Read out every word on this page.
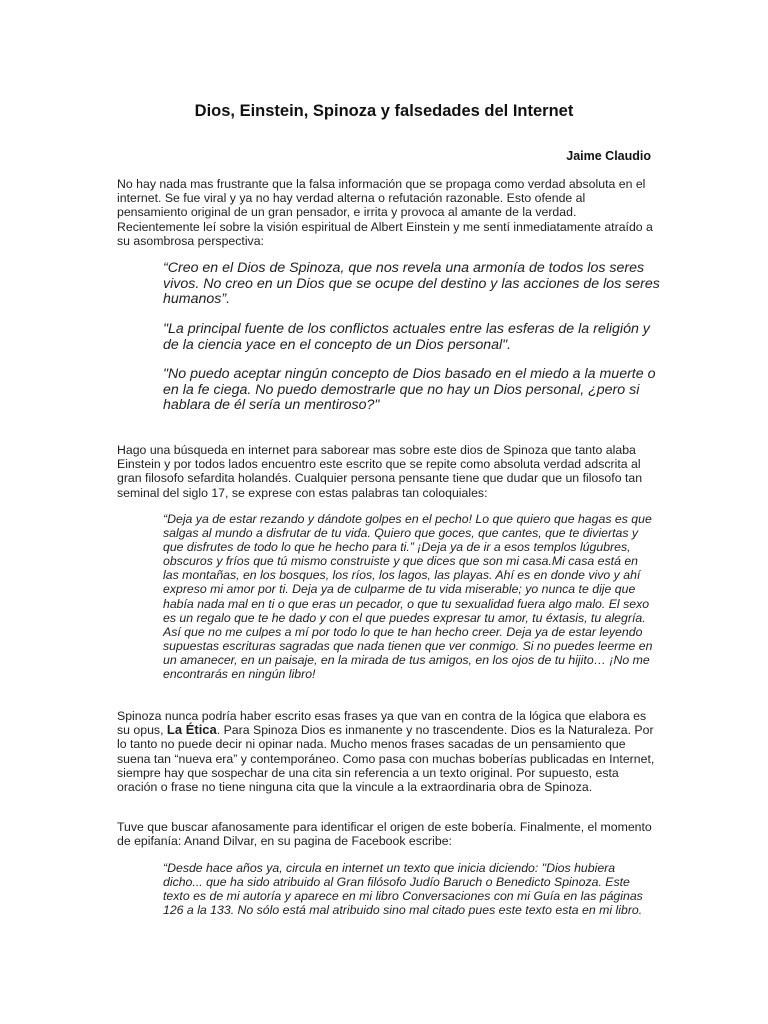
Dios, Einstein, Spinoza y falsedades del Internet

Jaime Claudio

No hay nada mas frustrante que la falsa información que se propaga como verdad absoluta en el internet. Se fue viral y ya no hay verdad alterna o refutación razonable. Esto ofende al pensamiento original de un gran pensador, e irrita y provoca al amante de la verdad. Recientemente leí sobre la visión espiritual de Albert Einstein y me sentí inmediatamente atraído a su asombrosa perspectiva:

“Creo en el Dios de Spinoza, que nos revela una armonía de todos los seres vivos. No creo en un Dios que se ocupe del destino y las acciones de los seres humanos”.

"La principal fuente de los conflictos actuales entre las esferas de la religión y de la ciencia yace en el concepto de un Dios personal".

"No puedo aceptar ningún concepto de Dios basado en el miedo a la muerte o en la fe ciega. No puedo demostrarle que no hay un Dios personal, ¿pero si hablara de él sería un mentiroso?"

Hago una búsqueda en internet para saborear mas sobre este dios de Spinoza que tanto alaba Einstein y por todos lados encuentro este escrito que se repite como absoluta verdad adscrita al gran filosofo sefardita holandés. Cualquier persona pensante tiene que dudar que un filosofo tan seminal del siglo 17, se exprese con estas palabras tan coloquiales:

“Deja ya de estar rezando y dándote golpes en el pecho! Lo que quiero que hagas es que salgas al mundo a disfrutar de tu vida. Quiero que goces, que cantes, que te diviertas y que disfrutes de todo lo que he hecho para ti.” ¡Deja ya de ir a esos templos lúgubres, obscuros y fríos que tú mismo construiste y que dices que son mi casa.Mi casa está en las montañas, en los bosques, los ríos, los lagos, las playas. Ahí es en donde vivo y ahí expreso mi amor por ti. Deja ya de culparme de tu vida miserable; yo nunca te dije que había nada mal en ti o que eras un pecador, o que tu sexualidad fuera algo malo. El sexo es un regalo que te he dado y con el que puedes expresar tu amor, tu éxtasis, tu alegría. Así que no me culpes a mí por todo lo que te han hecho creer. Deja ya de estar leyendo supuestas escrituras sagradas que nada tienen que ver conmigo. Si no puedes leerme en un amanecer, en un paisaje, en la mirada de tus amigos, en los ojos de tu hijito… ¡No me encontrarás en ningún libro!

Spinoza nunca podría haber escrito esas frases ya que van en contra de la lógica que elabora es su opus, La Ética. Para Spinoza Dios es inmanente y no trascendente. Dios es la Naturaleza. Por lo tanto no puede decir ni opinar nada. Mucho menos frases sacadas de un pensamiento que suena tan “nueva era” y contemporáneo. Como pasa con muchas boberías publicadas en Internet, siempre hay que sospechar de una cita sin referencia a un texto original. Por supuesto, esta oración o frase no tiene ninguna cita que la vincule a la extraordinaria obra de Spinoza.

Tuve que buscar afanosamente para identificar el origen de este bobería. Finalmente, el momento de epifanía: Anand Dilvar, en su pagina de Facebook escribe:

“Desde hace años ya, circula en internet un texto que inicia diciendo: "Dios hubiera dicho... que ha sido atribuido al Gran filósofo Judío Baruch o Benedicto Spinoza. Este texto es de mi autoría y aparece en mi libro Conversaciones con mi Guía en las páginas 126 a la 133. No sólo está mal atribuido sino mal citado pues este texto esta en mi libro.
